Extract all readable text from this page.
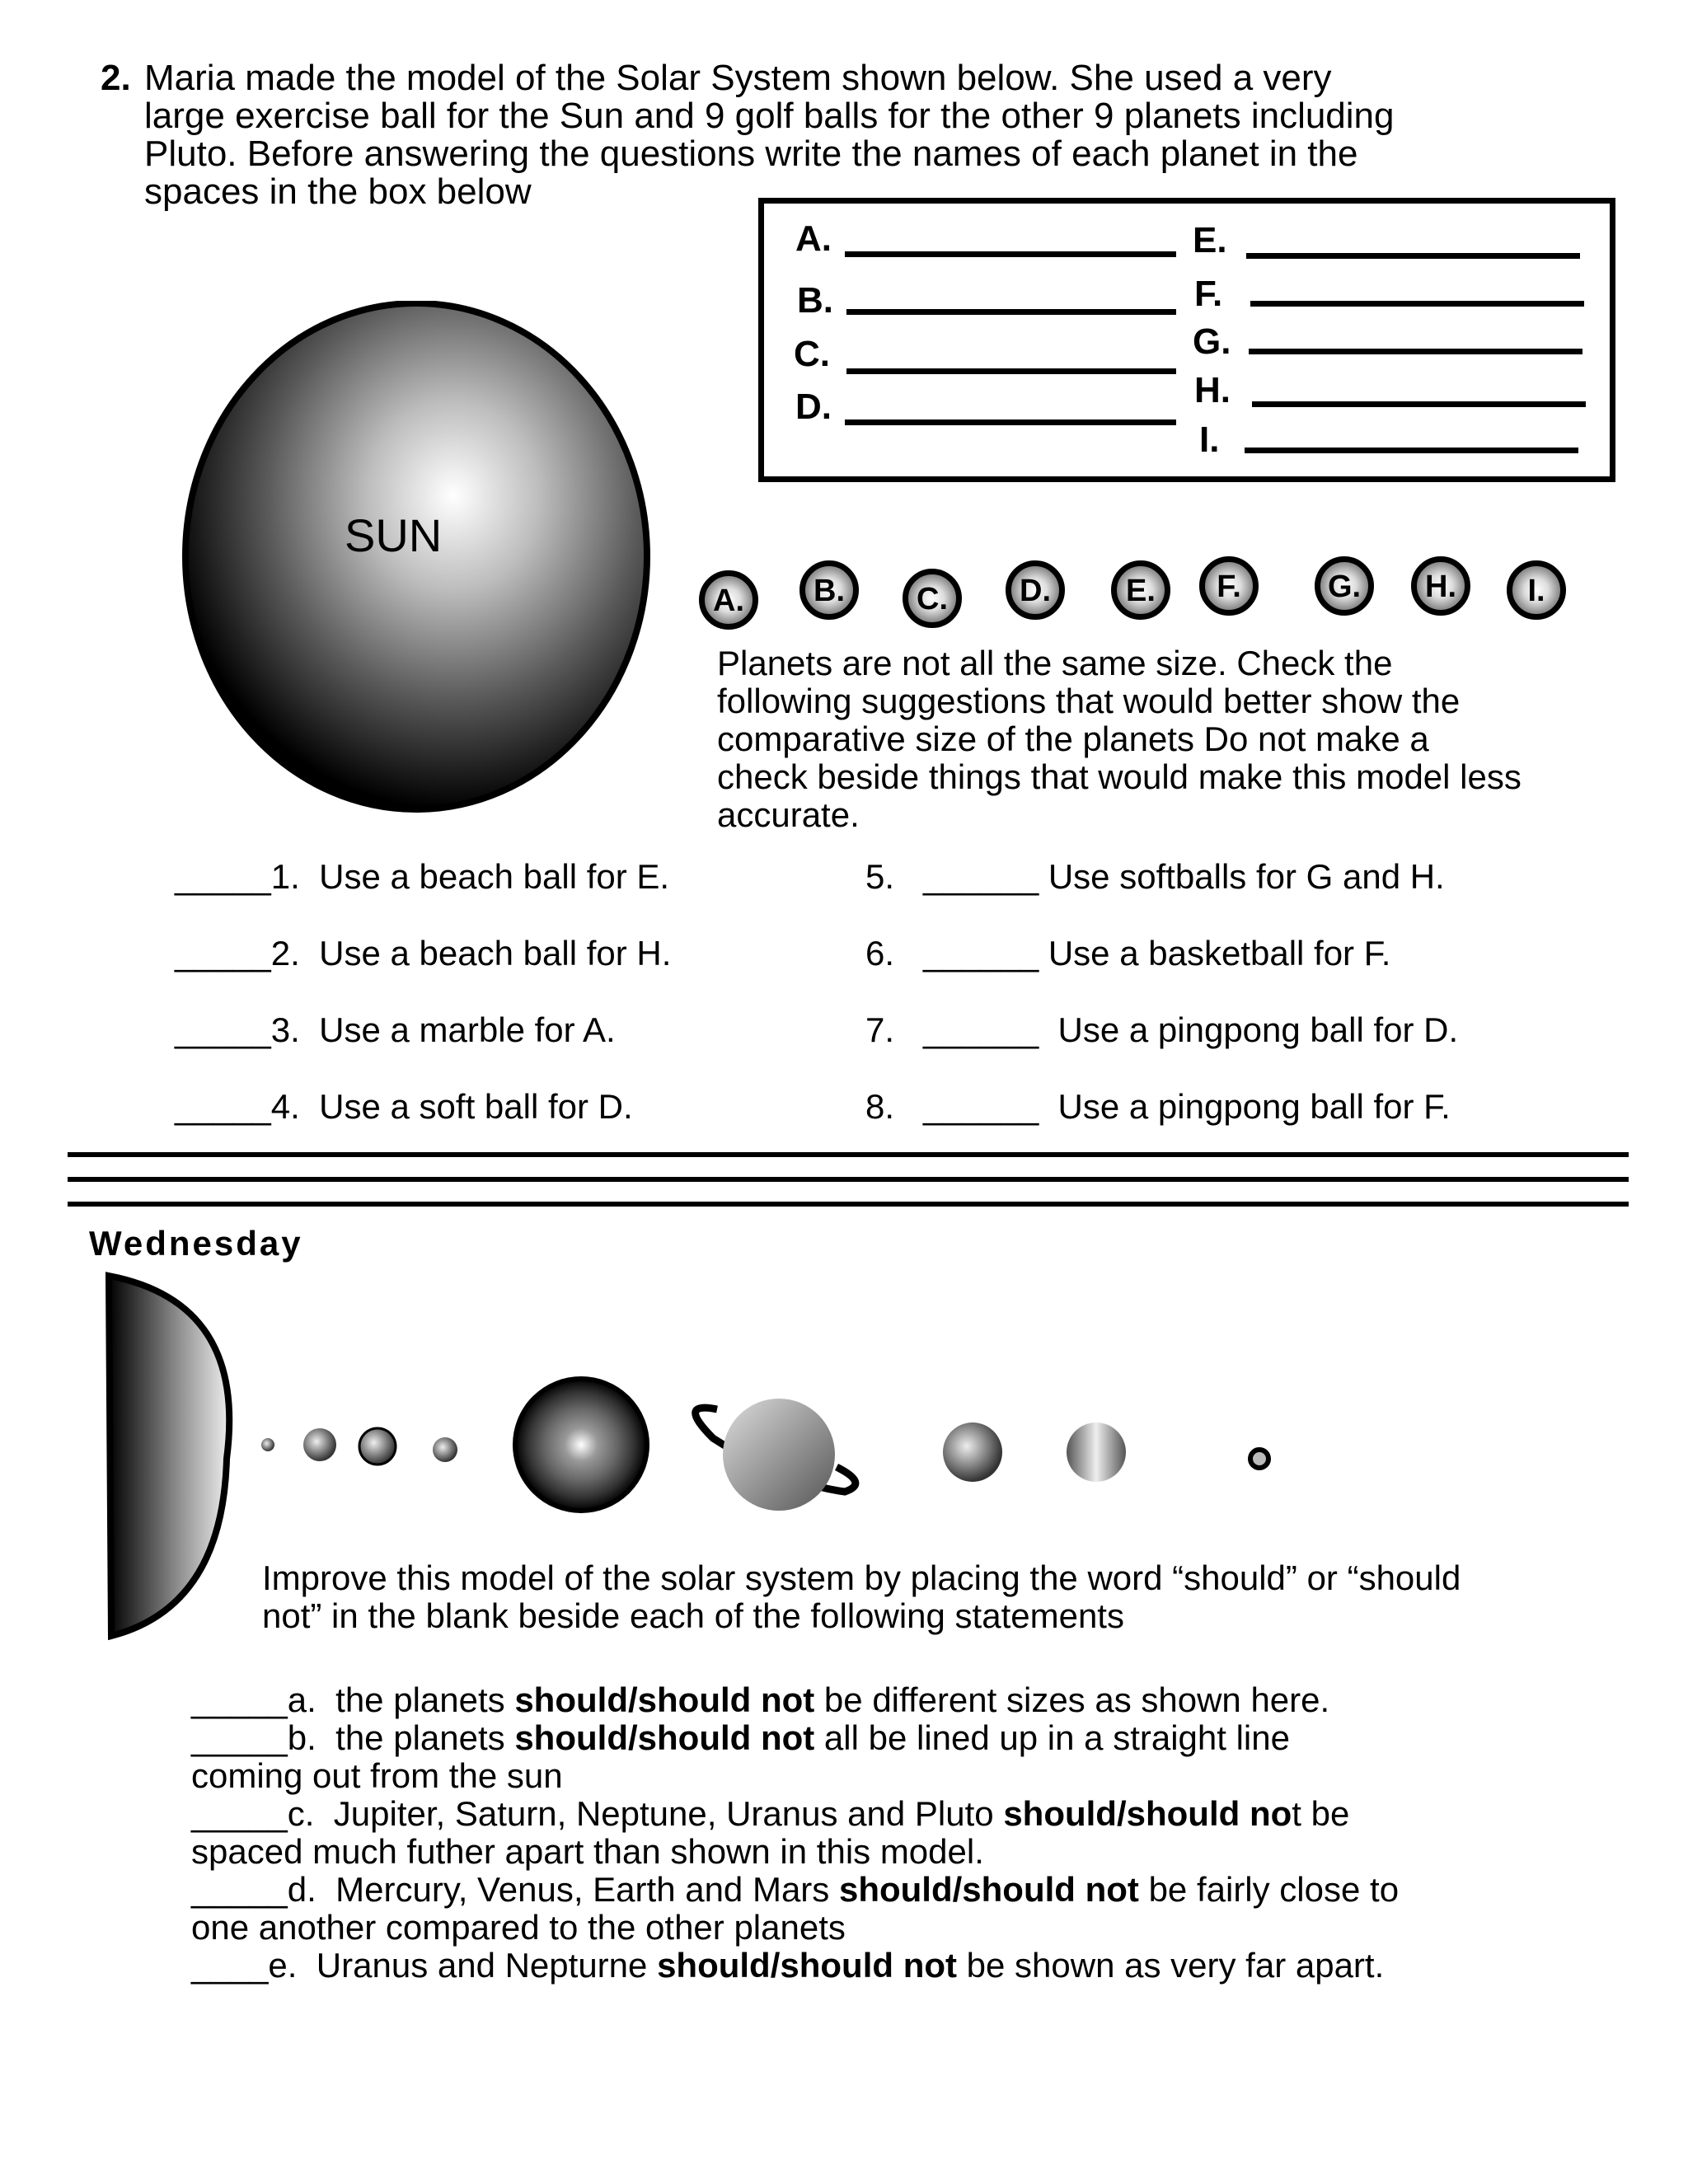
2. Maria made the model of the Solar System shown below. She used a very
large exercise ball for the Sun and 9 golf balls for the other 9 planets including
Pluto. Before answering the questions write the names of each planet in the
spaces in the box below
A.
B.
C.
D.
E.
F.
G.
H.
I.
SUN
A. B. C. D. E.	F.	G. H.	I.
Planets are not all the same size. Check the
following suggestions that would better show the
comparative size of the planets Do not make a
check beside things that would make this model less
accurate.
_____1.  Use a beach ball for E.
_____2.  Use a beach ball for H.
_____3.  Use a marble for A.
_____4.  Use a soft ball for D.
5.   ______ Use softballs for G and H.
6.   ______ Use a basketball for F.
7.   ______  Use a pingpong ball for D.
8.   ______  Use a pingpong ball for F.
Wednesday
Improve this model of the solar system by placing the word “should” or “should
not” in the blank beside each of the following statements
_____a.  the planets should/should not be different sizes as shown here.
_____b.  the planets should/should not all be lined up in a straight line
coming out from the sun
_____c.  Jupiter, Saturn, Neptune, Uranus and Pluto should/should not be
spaced much futher apart than shown in this model.
_____d.  Mercury, Venus, Earth and Mars should/should not be fairly close to
one another compared to the other planets
____e.  Uranus and Nepturne should/should not be shown as very far apart.
